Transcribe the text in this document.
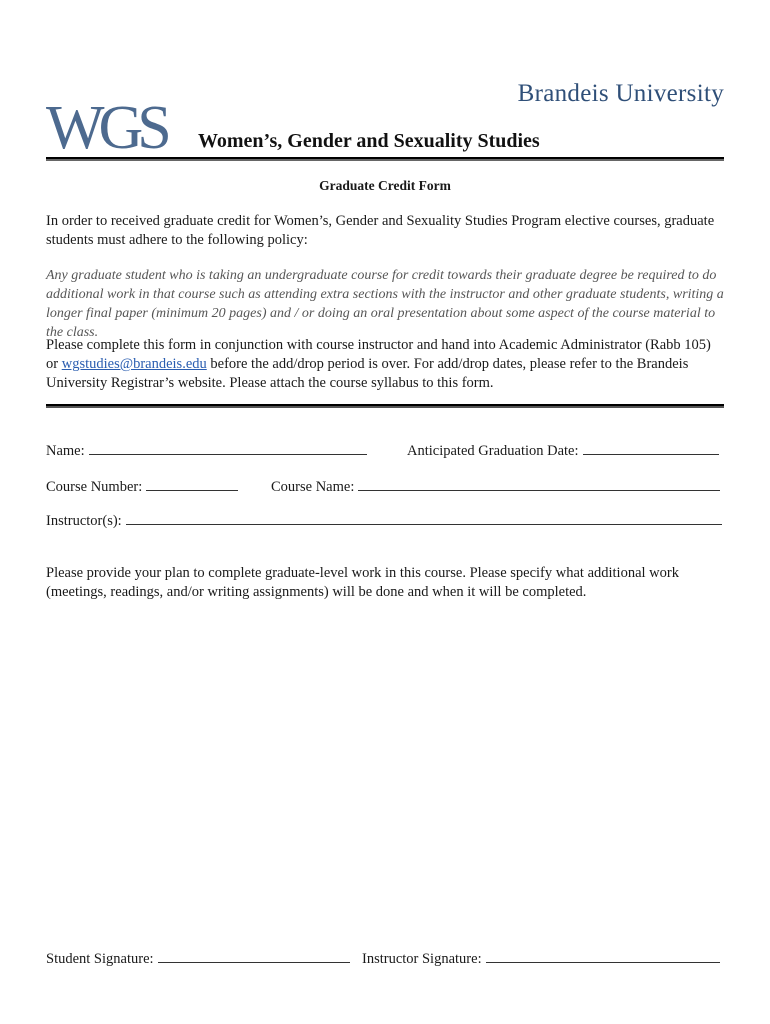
Brandeis University
WGS Women’s, Gender and Sexuality Studies
Graduate Credit Form
In order to received graduate credit for Women’s, Gender and Sexuality Studies Program elective courses, graduate students must adhere to the following policy:
Any graduate student who is taking an undergraduate course for credit towards their graduate degree be required to do additional work in that course such as attending extra sections with the instructor and other graduate students, writing a longer final paper (minimum 20 pages) and / or doing an oral presentation about some aspect of the course material to the class.
Please complete this form in conjunction with course instructor and hand into Academic Administrator (Rabb 105) or wgstudies@brandeis.edu before the add/drop period is over. For add/drop dates, please refer to the Brandeis University Registrar’s website. Please attach the course syllabus to this form.
Name:	Anticipated Graduation Date:
Course Number:	Course Name:
Instructor(s):
Please provide your plan to complete graduate-level work in this course. Please specify what additional work (meetings, readings, and/or writing assignments) will be done and when it will be completed.
Student Signature:	Instructor Signature:
